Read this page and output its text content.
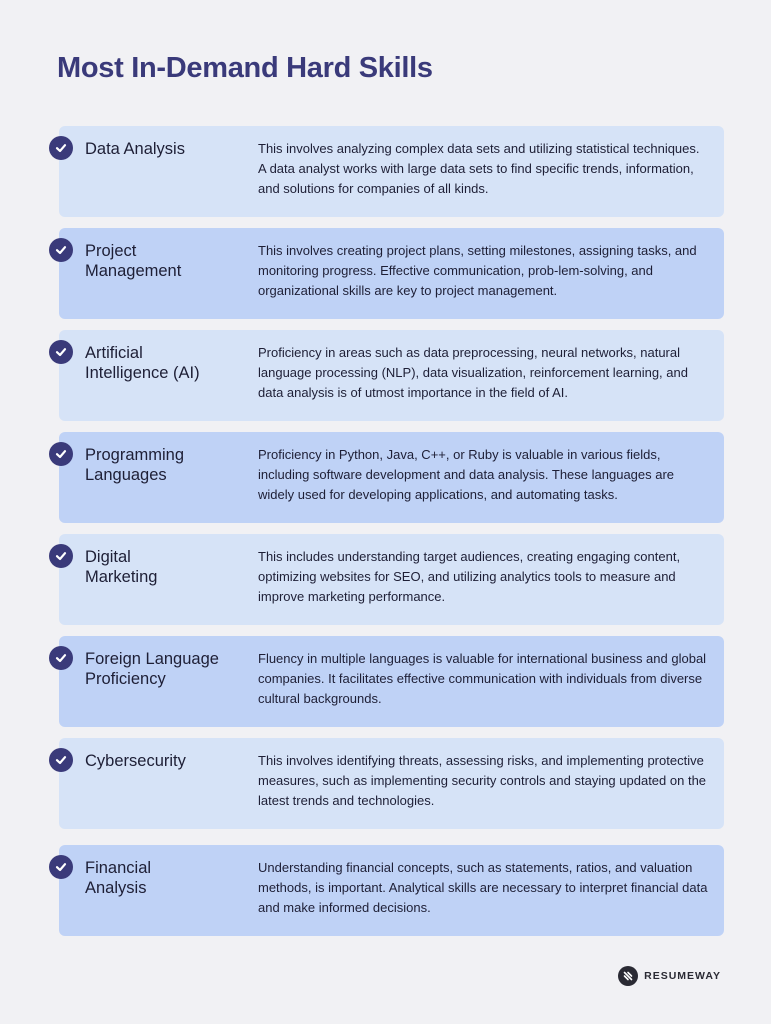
Most In-Demand Hard Skills
Data Analysis	This involves analyzing complex data sets and utilizing statistical techniques. A data analyst works with large data sets to find specific trends, information, and solutions for companies of all kinds.
Project Management
This involves creating project plans, setting milestones, assigning tasks, and monitoring progress. Effective communication, prob-lem-solving, and organizational skills are key to project management.
Artificial Intelligence (AI)
Proficiency in areas such as data preprocessing, neural networks, natural language processing (NLP), data visualization, reinforcement learning, and data analysis is of utmost importance in the field of AI.
Programming Languages
Proficiency in Python, Java, C++, or Ruby is valuable in various fields, including software development and data analysis. These languages are widely used for developing applications, and automating tasks.
Digital Marketing
This includes understanding target audiences, creating engaging content, optimizing websites for SEO, and utilizing analytics tools to measure and improve marketing performance.
Foreign Language Proficiency
Fluency in multiple languages is valuable for international business and global companies. It facilitates effective communication with individuals from diverse cultural backgrounds.
Cybersecurity	This involves identifying threats, assessing risks, and implementing protective measures, such as implementing security controls and staying updated on the latest trends and technologies.
Financial Analysis
Understanding financial concepts, such as statements, ratios, and valuation methods, is important. Analytical skills are necessary to interpret financial data and make informed decisions.
RESUMEWAY
